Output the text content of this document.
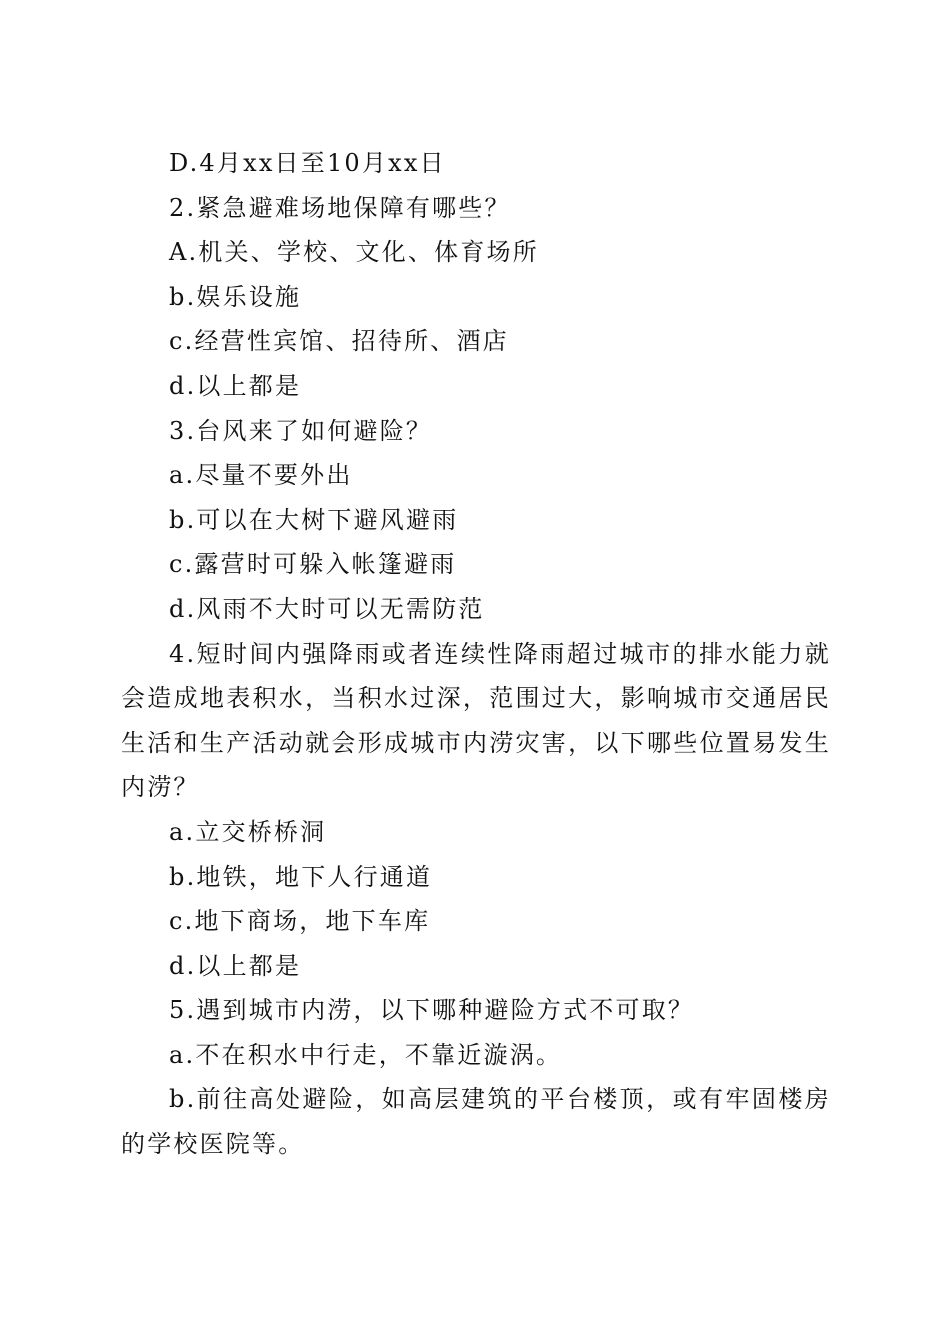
D.4月xx日至10月xx日

2.紧急避难场地保障有哪些？

A.机关、学校、文化、体育场所

b.娱乐设施

c.经营性宾馆、招待所、酒店

d.以上都是

3.台风来了如何避险？

a.尽量不要外出

b.可以在大树下避风避雨

c.露营时可躲入帐篷避雨

d.风雨不大时可以无需防范

4.短时间内强降雨或者连续性降雨超过城市的排水能力就会造成地表积水，当积水过深，范围过大，影响城市交通居民生活和生产活动就会形成城市内涝灾害，以下哪些位置易发生内涝？

a.立交桥桥洞

b.地铁，地下人行通道

c.地下商场，地下车库

d.以上都是

5.遇到城市内涝，以下哪种避险方式不可取？

a.不在积水中行走，不靠近漩涡。

b.前往高处避险，如高层建筑的平台楼顶，或有牢固楼房的学校医院等。
